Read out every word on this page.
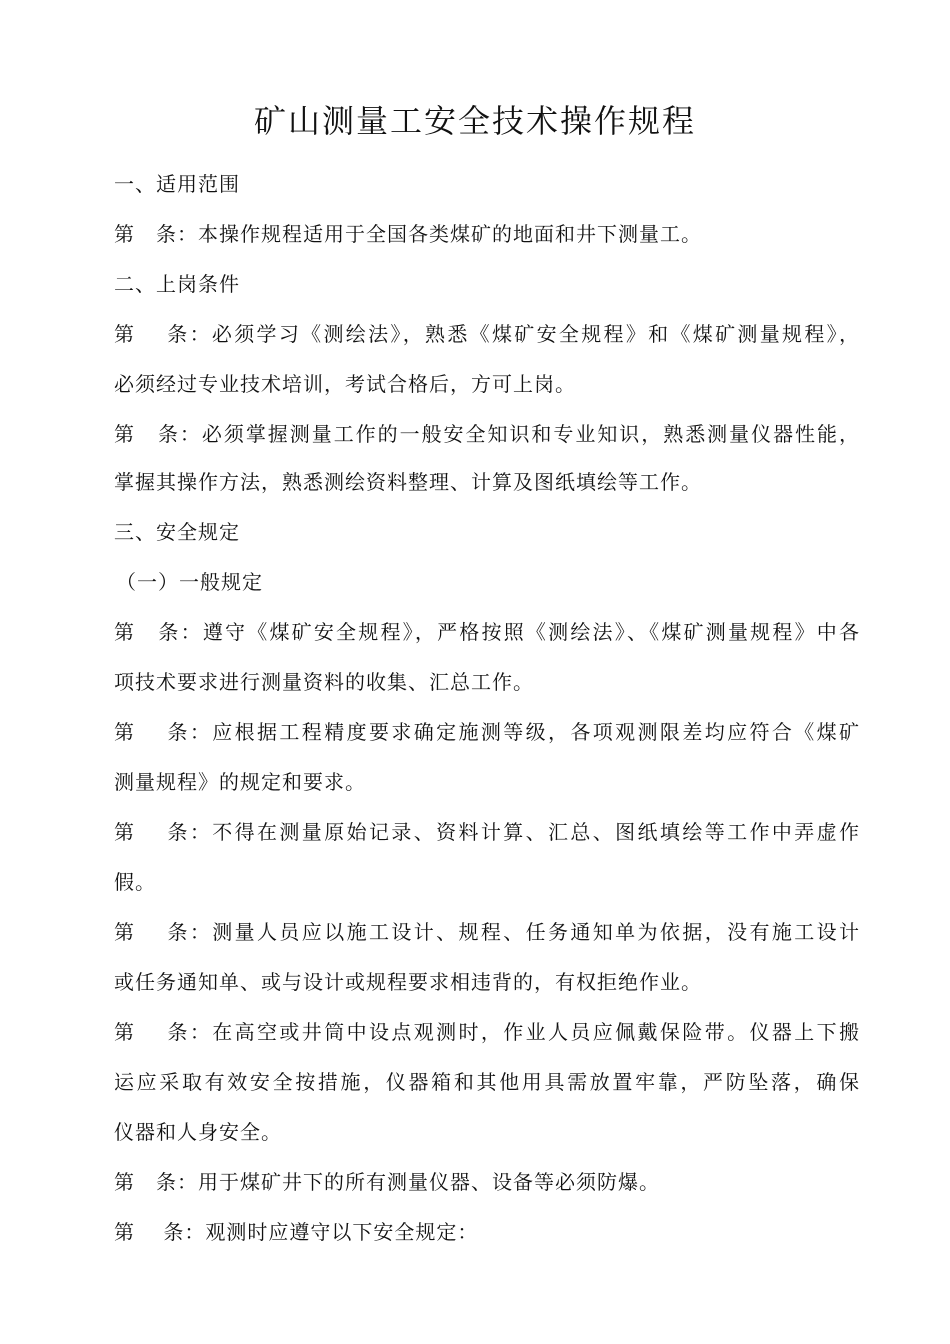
矿山测量工安全技术操作规程
一、适用范围
第　条：本操作规程适用于全国各类煤矿的地面和井下测量工。
二、上岗条件
第　 条：必须学习《测绘法》，熟悉《煤矿安全规程》和《煤矿测量规程》，
必须经过专业技术培训，考试合格后，方可上岗。
第　条：必须掌握测量工作的一般安全知识和专业知识，熟悉测量仪器性能，
掌握其操作方法，熟悉测绘资料整理、计算及图纸填绘等工作。
三、安全规定
（一）一般规定
第　条：遵守《煤矿安全规程》，严格按照《测绘法》、《煤矿测量规程》中各
项技术要求进行测量资料的收集、汇总工作。
第　 条：应根据工程精度要求确定施测等级，各项观测限差均应符合《煤矿
测量规程》的规定和要求。
第　 条：不得在测量原始记录、资料计算、汇总、图纸填绘等工作中弄虚作
假。
第　 条：测量人员应以施工设计、规程、任务通知单为依据，没有施工设计
或任务通知单、或与设计或规程要求相违背的，有权拒绝作业。
第　 条：在高空或井筒中设点观测时，作业人员应佩戴保险带。仪器上下搬
运应采取有效安全按措施，仪器箱和其他用具需放置牢靠，严防坠落，确保
仪器和人身安全。
第　条：用于煤矿井下的所有测量仪器、设备等必须防爆。
第　 条：观测时应遵守以下安全规定：
